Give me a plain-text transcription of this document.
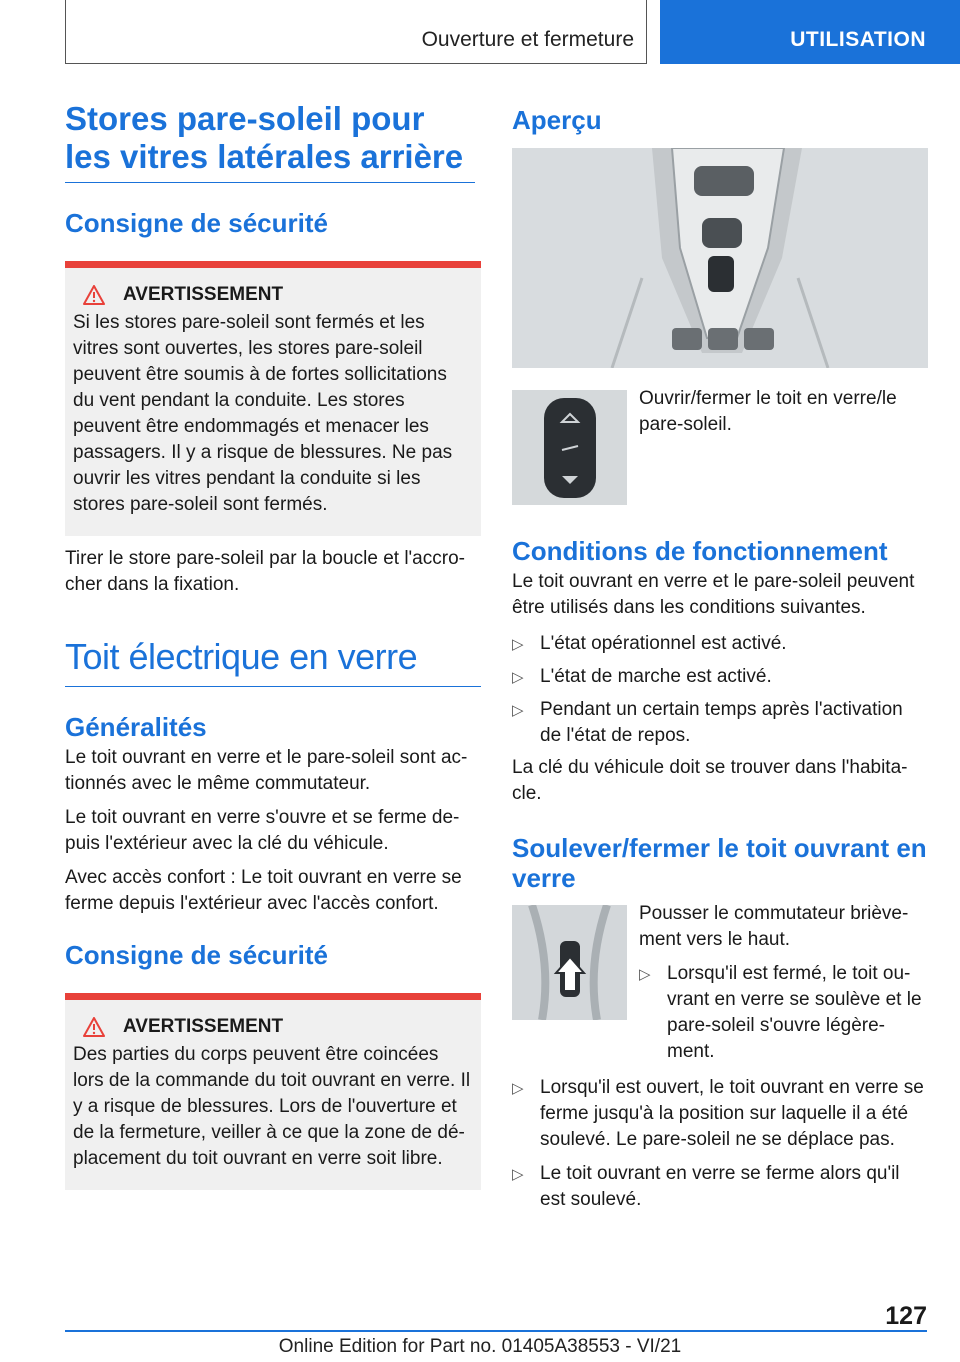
Ouverture et fermeture	UTILISATION
Stores pare-soleil pour les vitres latérales arrière
Consigne de sécurité
AVERTISSEMENT

Si les stores pare-soleil sont fermés et les vitres sont ouvertes, les stores pare-soleil peuvent être soumis à de fortes sollicitations du vent pendant la conduite. Les stores peuvent être endommagés et menacer les passagers. Il y a risque de blessures. Ne pas ouvrir les vitres pendant la conduite si les stores pare-soleil sont fermés.

Tirer le store pare-soleil par la boucle et l'accro-cher dans la fixation.

Toit électrique en verre
Généralités

Le toit ouvrant en verre et le pare-soleil sont ac-tionnés avec le même commutateur.

Le toit ouvrant en verre s'ouvre et se ferme de-puis l'extérieur avec la clé du véhicule.

Avec accès confort : Le toit ouvrant en verre se ferme depuis l'extérieur avec l'accès confort.

Consigne de sécurité
AVERTISSEMENT

Des parties du corps peuvent être coincées lors de la commande du toit ouvrant en verre. Il y a risque de blessures. Lors de l'ouverture et de la fermeture, veiller à ce que la zone de dé-placement du toit ouvrant en verre soit libre.

Aperçu

Ouvrir/fermer le toit en verre/le pare-soleil.

Conditions de fonctionnement

Le toit ouvrant en verre et le pare-soleil peuvent être utilisés dans les conditions suivantes.

▷ L'état opérationnel est activé.
▷ L'état de marche est activé.
▷ Pendant un certain temps après l'activation de l'état de repos.

La clé du véhicule doit se trouver dans l'habita-cle.

Soulever/fermer le toit ouvrant en verre

Pousser le commutateur briève-ment vers le haut.

▷ Lorsqu'il est fermé, le toit ou-vrant en verre se soulève et le pare-soleil s'ouvre légère-ment.
▷ Lorsqu'il est ouvert, le toit ouvrant en verre se ferme jusqu'à la position sur laquelle il a été soulevé. Le pare-soleil ne se déplace pas.
▷ Le toit ouvrant en verre se ferme alors qu'il est soulevé.
127
Online Edition for Part no. 01405A38553 - VI/21
